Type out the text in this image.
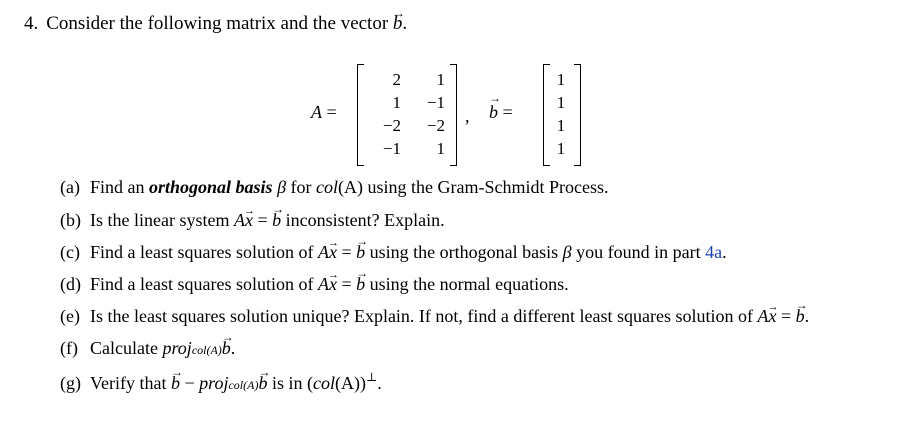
4. Consider the following matrix and the vector → b.
A =
2	1
1	−1
−2	−2
−1	1
, → b =
1
1
1
1
(a) Find an orthogonal basis β for col(A) using the Gram-Schmidt Process.
(b) Is the linear system A→ x = → b inconsistent? Explain.
(c) Find a least squares solution of A→ x = → b using the orthogonal basis β you found in part 4a.
(d) Find a least squares solution of A→ x = → b using the normal equations.
(e) Is the least squares solution unique? Explain. If not, find a different least squares solution of A→ x = → b.
(f) Calculate projcol(A)→ b.
(g) Verify that → b − projcol(A)→ b is in (col(A))⊥.
